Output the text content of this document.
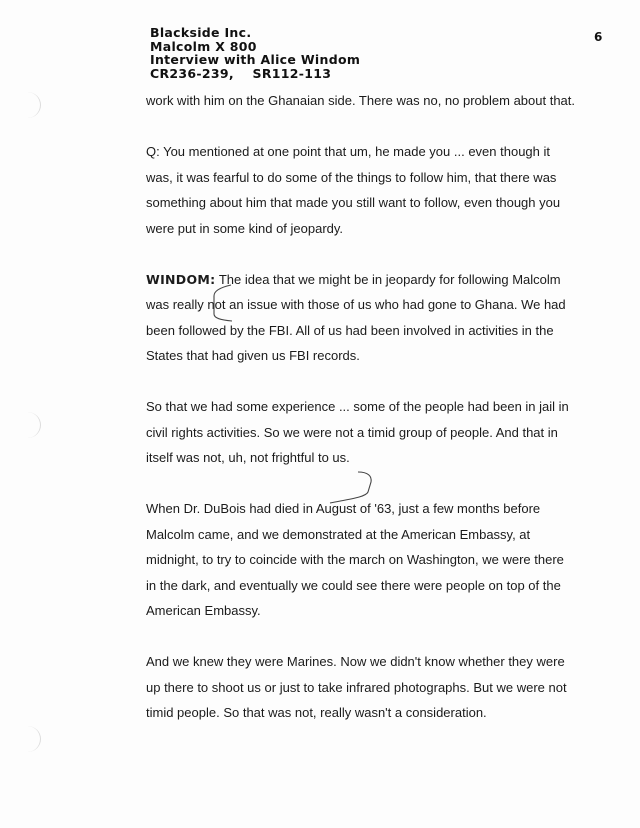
Blackside Inc.
Malcolm X 800
Interview with Alice Windom
CR236-239,    SR112-113
6

work with him on the Ghanaian side. There was no, no problem about that.

Q: You mentioned at one point that um, he made you ... even though it was, it was fearful to do some of the things to follow him, that there was something about him that made you still want to follow, even though you were put in some kind of jeopardy.

WINDOM: The idea that we might be in jeopardy for following Malcolm was really not an issue with those of us who had gone to Ghana. We had been followed by the FBI. All of us had been involved in activities in the States that had given us FBI records.

So that we had some experience ... some of the people had been in jail in civil rights activities. So we were not a timid group of people. And that in itself was not, uh, not frightful to us.

When Dr. DuBois had died in August of '63, just a few months before Malcolm came, and we demonstrated at the American Embassy, at midnight, to try to coincide with the march on Washington, we were there in the dark, and eventually we could see there were people on top of the American Embassy.

And we knew they were Marines. Now we didn't know whether they were up there to shoot us or just to take infrared photographs. But we were not timid people. So that was not, really wasn't a consideration.
